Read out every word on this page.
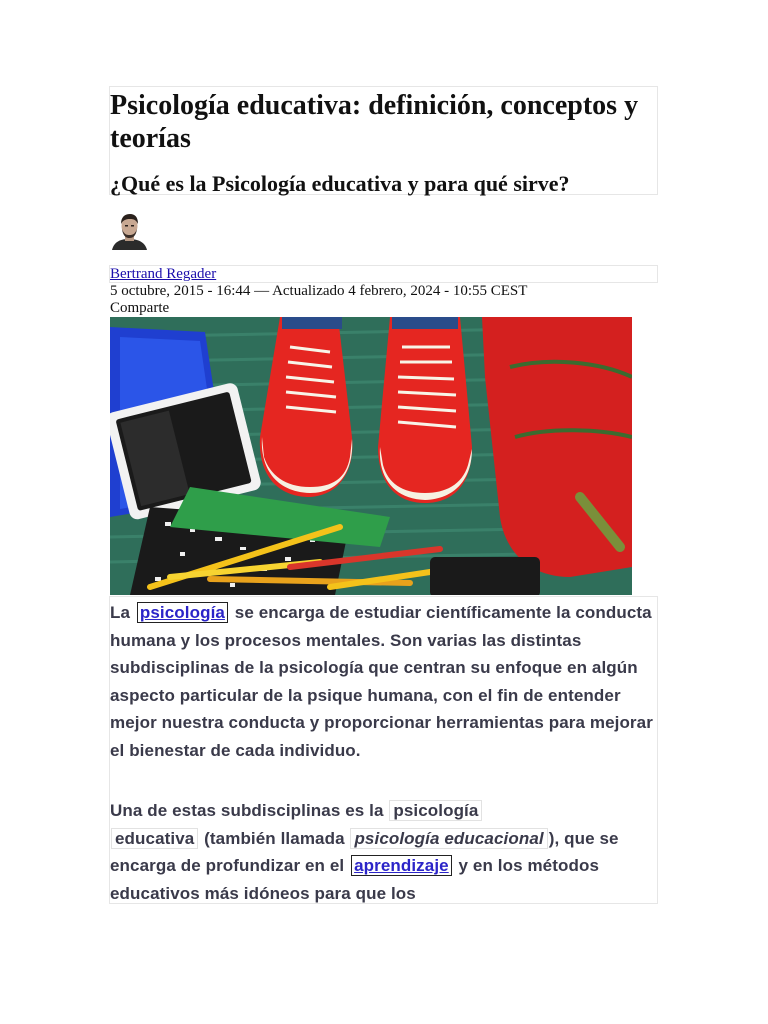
Psicología educativa: definición, conceptos y teorías
¿Qué es la Psicología educativa y para qué sirve?
Bertrand Regader
5 octubre, 2015 - 16:44 — Actualizado 4 febrero, 2024 - 10:55 CEST
Comparte

La psicología se encarga de estudiar científicamente la conducta humana y los procesos mentales. Son varias las distintas subdisciplinas de la psicología que centran su enfoque en algún aspecto particular de la psique humana, con el fin de entender mejor nuestra conducta y proporcionar herramientas para mejorar el bienestar de cada individuo.

Una de estas subdisciplinas es la psicología
educativa (también llamada psicología educacional ), que se encarga de profundizar en el aprendizaje y en los métodos educativos más idóneos para que los
